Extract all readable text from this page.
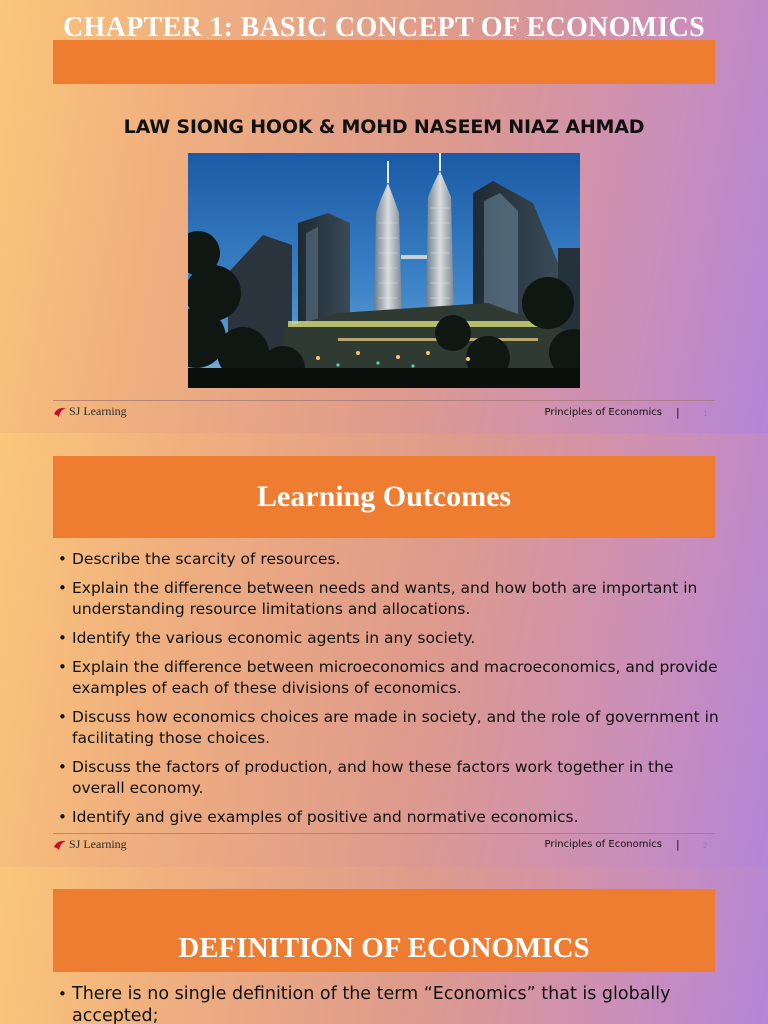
CHAPTER 1: BASIC CONCEPT OF ECONOMICS
LAW SIONG HOOK & MOHD NASEEM NIAZ AHMAD
SJ Learning	Principles of Economics |	1
Learning Outcomes
• Describe the scarcity of resources.
• Explain the difference between needs and wants, and how both are important in understanding resource limitations and allocations.
• Identify the various economic agents in any society.
• Explain the difference between microeconomics and macroeconomics, and provide examples of each of these divisions of economics.
• Discuss how economics choices are made in society, and the role of government in facilitating those choices.
• Discuss the factors of production, and how these factors work together in the overall economy.
• Identify and give examples of positive and normative economics.
SJ Learning	Principles of Economics |	2
DEFINITION OF ECONOMICS
• There is no single definition of the term “Economics” that is globally accepted;
